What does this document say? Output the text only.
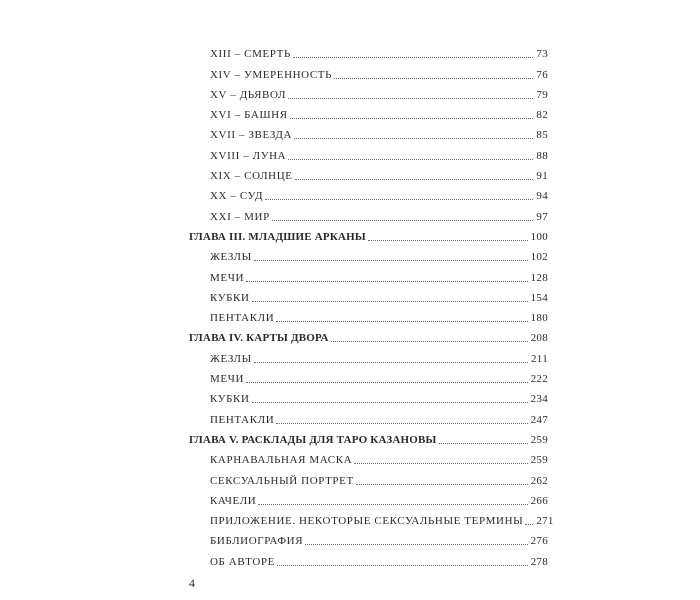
XIII – СМЕРТЬ	73
XIV – УМЕРЕННОСТЬ	76
XV – ДЬЯВОЛ	79
XVI – БАШНЯ	82
XVII – ЗВЕЗДА	85
XVIII – ЛУНА	88
XIX – СОЛНЦЕ	91
XX – СУД	94
XXI – МИР	97
ГЛАВА III. МЛАДШИЕ АРКАНЫ	100
ЖЕЗЛЫ	102
МЕЧИ	128
КУБКИ	154
ПЕНТАКЛИ	180
ГЛАВА IV. КАРТЫ ДВОРА	208
ЖЕЗЛЫ	211
МЕЧИ	222
КУБКИ	234
ПЕНТАКЛИ	247
ГЛАВА V. РАСКЛАДЫ ДЛЯ ТАРО КАЗАНОВЫ	259
КАРНАВАЛЬНАЯ МАСКА	259
СЕКСУАЛЬНЫЙ ПОРТРЕТ	262
КАЧЕЛИ	266
ПРИЛОЖЕНИЕ. НЕКОТОРЫЕ СЕКСУАЛЬНЫЕ ТЕРМИНЫ 271
БИБЛИОГРАФИЯ	276
ОБ АВТОРЕ	278
4
